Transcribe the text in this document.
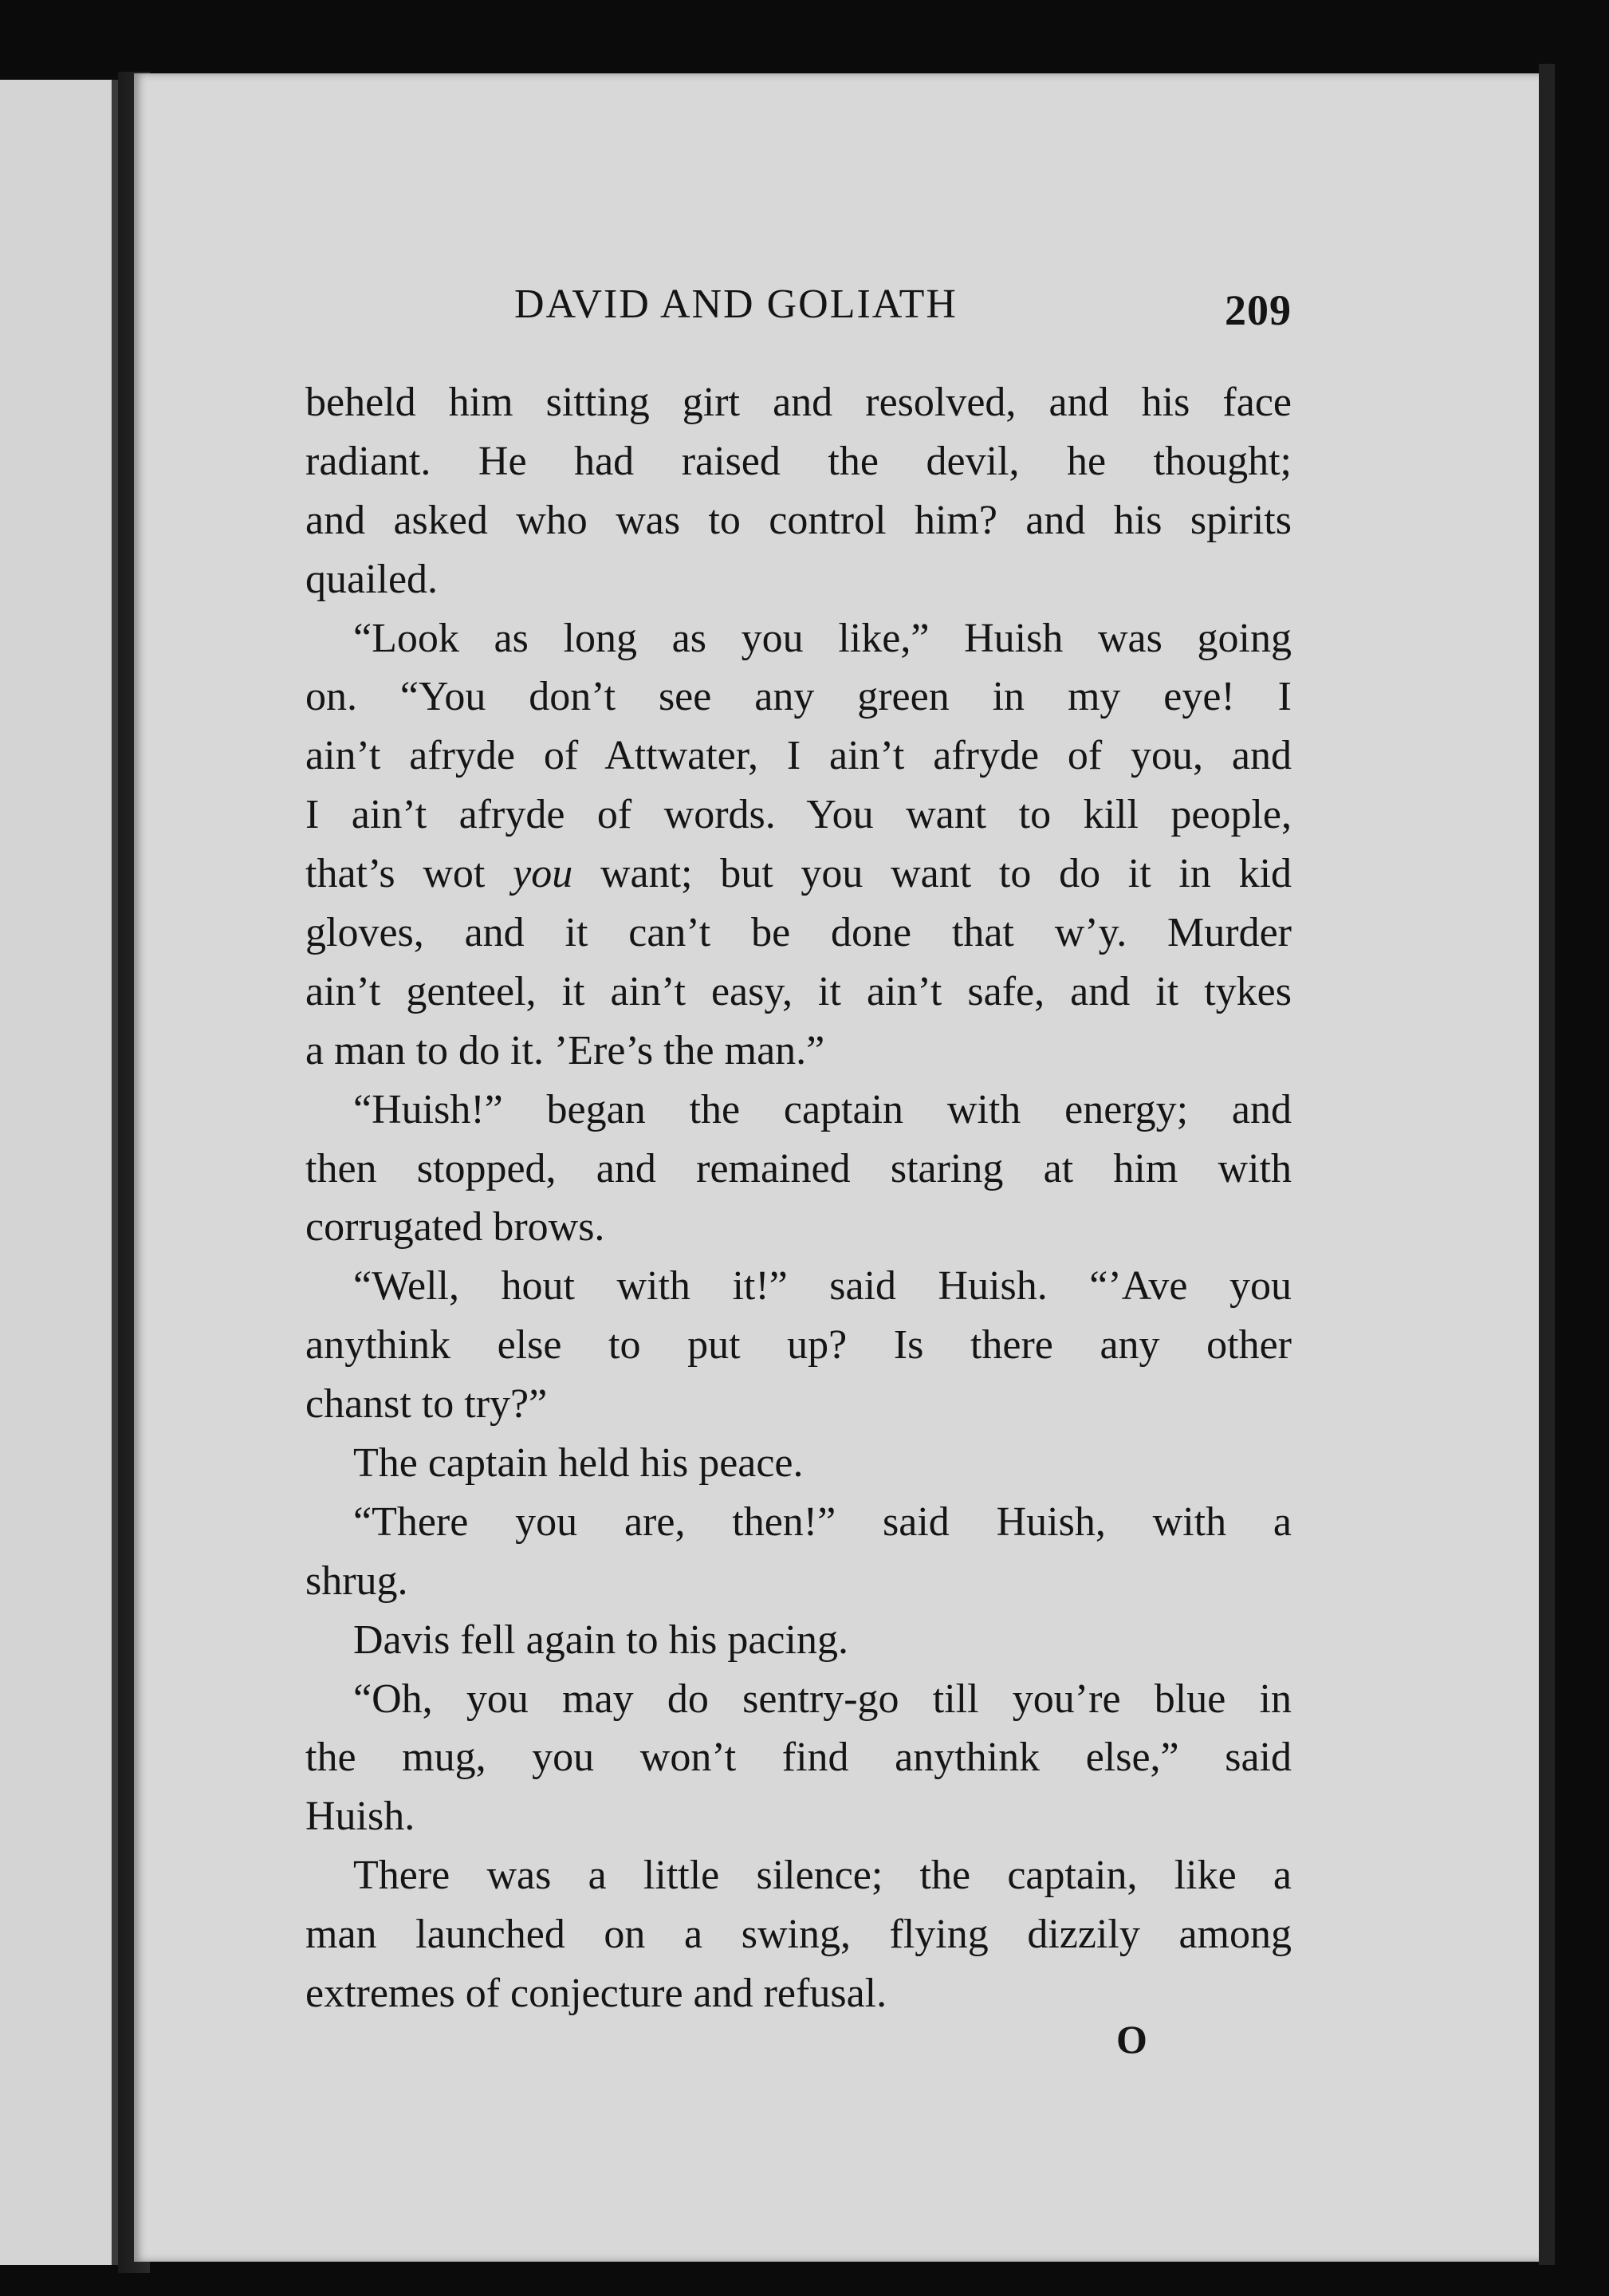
DAVID AND GOLIATH	209
beheld him sitting girt and resolved, and his face
radiant. He had raised the devil, he thought;
and asked who was to control him? and his spirits
quailed.
“Look as long as you like,” Huish was going
on. “You don’t see any green in my eye! I
ain’t afryde of Attwater, I ain’t afryde of you, and
I ain’t afryde of words. You want to kill people,
that’s wot you want; but you want to do it in kid
gloves, and it can’t be done that w’y. Murder
ain’t genteel, it ain’t easy, it ain’t safe, and it tykes
a man to do it. ’Ere’s the man.”
“Huish!” began the captain with energy; and
then stopped, and remained staring at him with
corrugated brows.
“Well, hout with it!” said Huish. “’Ave you
anythink else to put up? Is there any other
chanst to try?”
The captain held his peace.
“There you are, then!” said Huish, with a
shrug.
Davis fell again to his pacing.
“Oh, you may do sentry-go till you’re blue in
the mug, you won’t find anythink else,” said
Huish.
There was a little silence; the captain, like a
man launched on a swing, flying dizzily among
extremes of conjecture and refusal.
O
